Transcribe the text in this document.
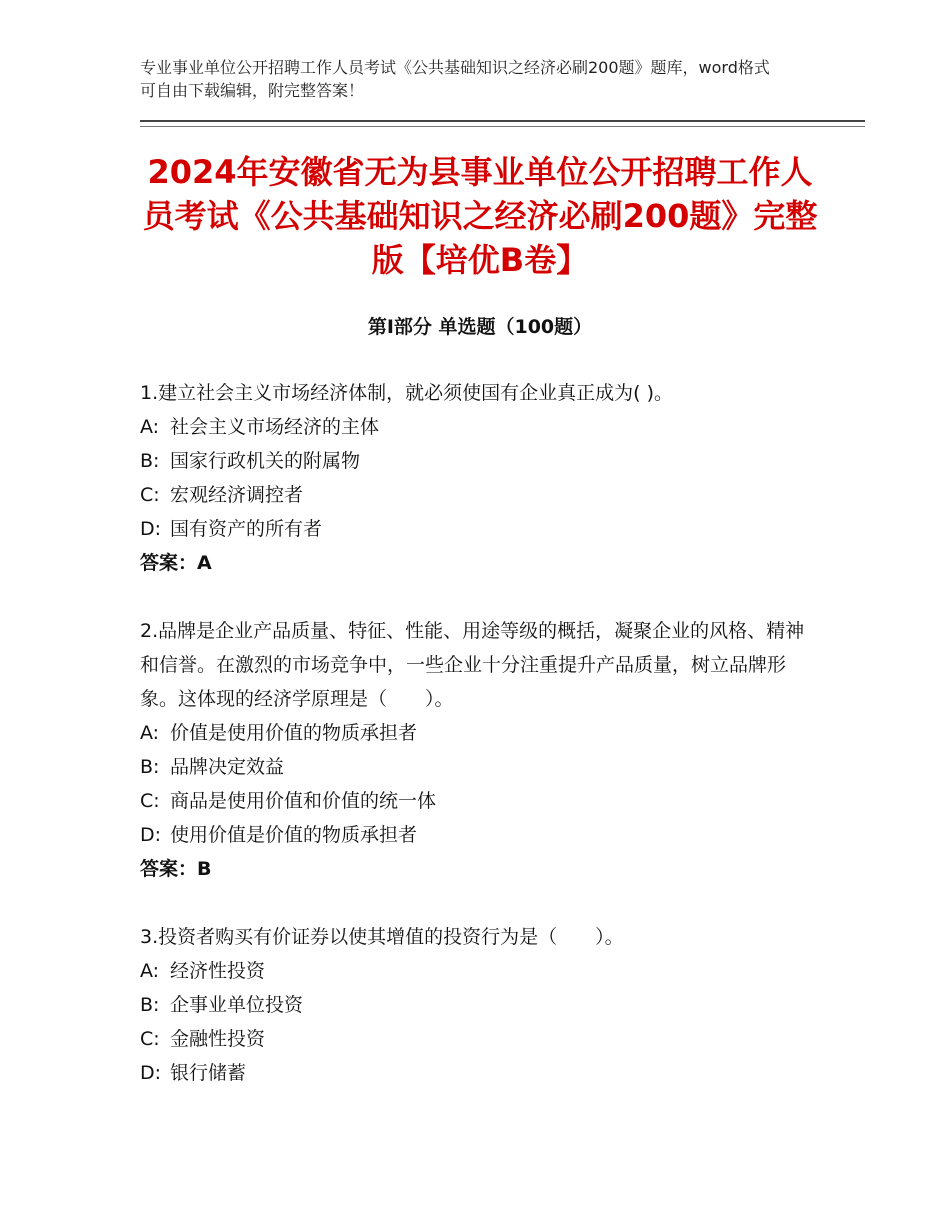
专业事业单位公开招聘工作人员考试《公共基础知识之经济必刷200题》题库，word格式可自由下载编辑，附完整答案！
2024年安徽省无为县事业单位公开招聘工作人员考试《公共基础知识之经济必刷200题》完整版【培优B卷】
第Ⅰ部分 单选题（100题）

1.建立社会主义市场经济体制，就必须使国有企业真正成为( )。

A: 社会主义市场经济的主体

B: 国家行政机关的附属物

C: 宏观经济调控者

D: 国有资产的所有者

答案：A

2.品牌是企业产品质量、特征、性能、用途等级的概括，凝聚企业的风格、精神和信誉。在激烈的市场竞争中，一些企业十分注重提升产品质量，树立品牌形象。这体现的经济学原理是（　　）。

A: 价值是使用价值的物质承担者

B: 品牌决定效益

C: 商品是使用价值和价值的统一体

D: 使用价值是价值的物质承担者

答案：B

3.投资者购买有价证券以使其增值的投资行为是（　　）。

A: 经济性投资

B: 企事业单位投资

C: 金融性投资

D: 银行储蓄
